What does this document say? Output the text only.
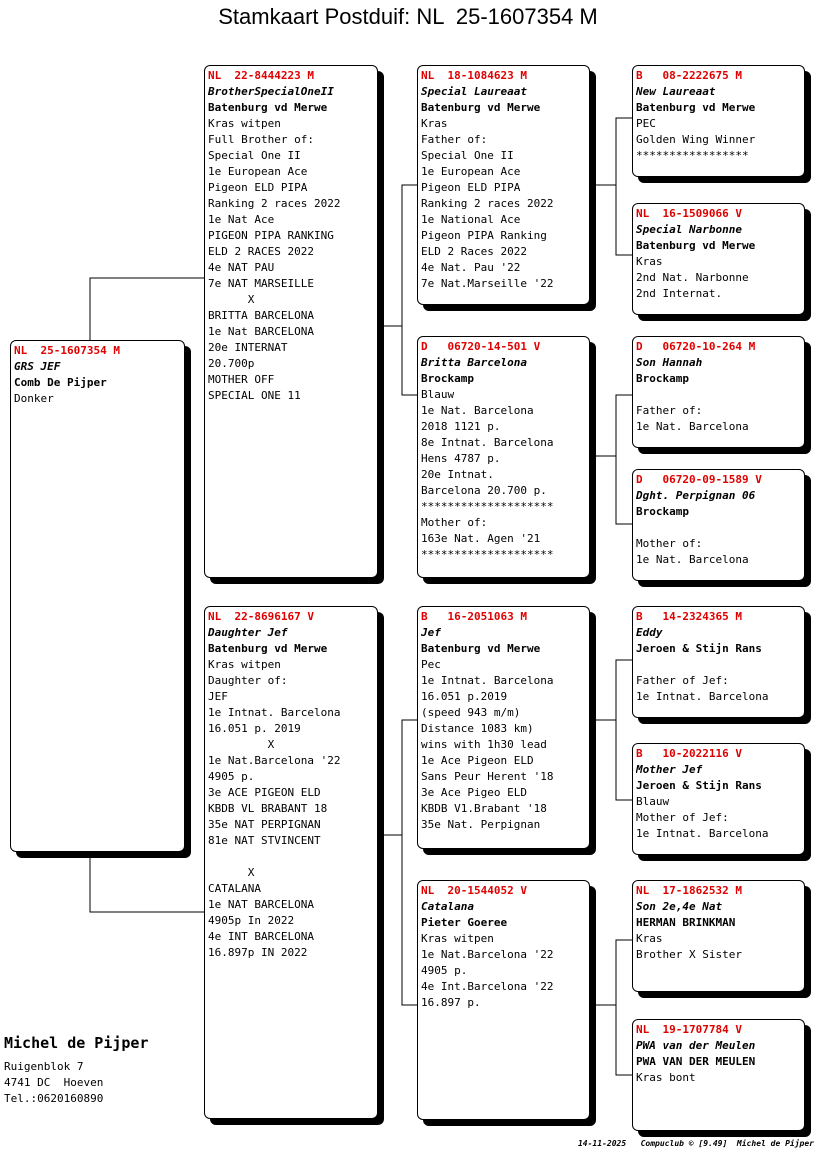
Stamkaart Postduif: NL  25-1607354 M
NL  25-1607354 M
GRS JEF
Comb De Pijper
Donker
NL  22-8444223 M
BrotherSpecialOneII
Batenburg vd Merwe
Kras witpen
Full Brother of:
Special One II
1e European Ace
Pigeon ELD PIPA
Ranking 2 races 2022
1e Nat Ace
PIGEON PIPA RANKING
ELD 2 RACES 2022
4e NAT PAU
7e NAT MARSEILLE
X
BRITTA BARCELONA
1e Nat BARCELONA
20e INTERNAT
20.700p
MOTHER OFF
SPECIAL ONE 11
NL  22-8696167 V
Daughter Jef
Batenburg vd Merwe
Kras witpen
Daughter of:
JEF
1e Intnat. Barcelona
16.051 p. 2019
X
1e Nat.Barcelona '22
4905 p.
3e ACE PIGEON ELD
KBDB VL BRABANT 18
35e NAT PERPIGNAN
81e NAT STVINCENT

X
CATALANA
1e NAT BARCELONA
4905p In 2022
4e INT BARCELONA
16.897p IN 2022
NL  18-1084623 M
Special Laureaat
Batenburg vd Merwe
Kras
Father of:
Special One II
1e European Ace
Pigeon ELD PIPA
Ranking 2 races 2022
1e National Ace
Pigeon PIPA Ranking
ELD 2 Races 2022
4e Nat. Pau '22
7e Nat.Marseille '22
D   06720-14-501 V
Britta Barcelona
Brockamp
Blauw
1e Nat. Barcelona
2018 1121 p.
8e Intnat. Barcelona
Hens 4787 p.
20e Intnat.
Barcelona 20.700 p.
********************
Mother of:
163e Nat. Agen '21
********************
B   16-2051063 M
Jef
Batenburg vd Merwe
Pec
1e Intnat. Barcelona
16.051 p.2019
(speed 943 m/m)
Distance 1083 km)
wins with 1h30 lead
1e Ace Pigeon ELD
Sans Peur Herent '18
3e Ace Pigeo ELD
KBDB V1.Brabant '18
35e Nat. Perpignan
NL  20-1544052 V
Catalana
Pieter Goeree
Kras witpen
1e Nat.Barcelona '22
4905 p.
4e Int.Barcelona '22
16.897 p.
B   08-2222675 M
New Laureaat
Batenburg vd Merwe
PEC
Golden Wing Winner
*****************
NL  16-1509066 V
Special Narbonne
Batenburg vd Merwe
Kras
2nd Nat. Narbonne
2nd Internat.
D   06720-10-264 M
Son Hannah
Brockamp

Father of:
1e Nat. Barcelona
D   06720-09-1589 V
Dght. Perpignan 06
Brockamp

Mother of:
1e Nat. Barcelona
B   14-2324365 M
Eddy
Jeroen & Stijn Rans

Father of Jef:
1e Intnat. Barcelona
B   10-2022116 V
Mother Jef
Jeroen & Stijn Rans
Blauw
Mother of Jef:
1e Intnat. Barcelona
NL  17-1862532 M
Son 2e,4e Nat
HERMAN BRINKMAN
Kras
Brother X Sister
NL  19-1707784 V
PWA van der Meulen
PWA VAN DER MEULEN
Kras bont
Michel de Pijper
Ruigenblok 7
4741 DC  Hoeven
Tel.:0620160890
14-11-2025   Compuclub © [9.49]  Michel de Pijper
